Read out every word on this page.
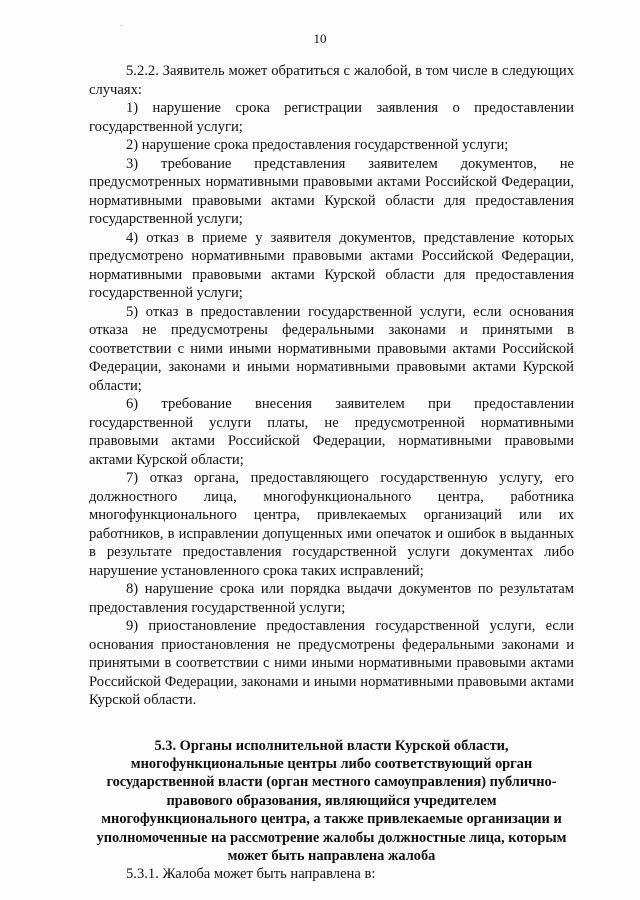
·
10

5.2.2. Заявитель может обратиться с жалобой, в том числе в следующих случаях:

1) нарушение срока регистрации заявления о предоставлении государственной услуги;

2) нарушение срока предоставления государственной услуги;

3) требование представления заявителем документов, не предусмотренных нормативными правовыми актами Российской Федерации, нормативными правовыми актами Курской области для предоставления государственной услуги;

4) отказ в приеме у заявителя документов, представление которых предусмотрено нормативными правовыми актами Российской Федерации, нормативными правовыми актами Курской области для предоставления государственной услуги;

5) отказ в предоставлении государственной услуги, если основания отказа не предусмотрены федеральными законами и принятыми в соответствии с ними иными нормативными правовыми актами Российской Федерации, законами и иными нормативными правовыми актами Курской области;

6) требование внесения заявителем при предоставлении государственной услуги платы, не предусмотренной нормативными правовыми актами Российской Федерации, нормативными правовыми актами Курской области;

7) отказ органа, предоставляющего государственную услугу, его должностного лица, многофункционального центра, работника многофункционального центра, привлекаемых организаций или их работников, в исправлении допущенных ими опечаток и ошибок в выданных в результате предоставления государственной услуги документах либо нарушение установленного срока таких исправлений;

8) нарушение срока или порядка выдачи документов по результатам предоставления государственной услуги;

9) приостановление предоставления государственной услуги, если основания приостановления не предусмотрены федеральными законами и принятыми в соответствии с ними иными нормативными правовыми актами Российской Федерации, законами и иными нормативными правовыми актами Курской области.

5.3. Органы исполнительной власти Курской области, многофункциональные центры либо соответствующий орган государственной власти (орган местного самоуправления) публично-правового образования, являющийся учредителем многофункционального центра, а также привлекаемые организации и уполномоченные на рассмотрение жалобы должностные лица, которым может быть направлена жалоба

5.3.1. Жалоба может быть направлена в:
